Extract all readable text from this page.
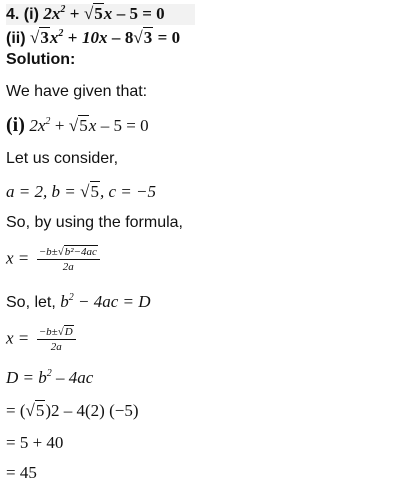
4. (i) $2x^2 + √5x - 5 = 0$
(ii) $√3x^2 + 10x - 8√3 = 0$
Solution:
We have given that:
(i) $2x^2 + √5x - 5 = 0$
Let us consider,
a = 2, b = √5, c = −5
So, by using the formula,
$x = \frac{\text{−b±√b²−4ac}}{2a}$
So, let, $b^2 - 4ac = D$
$x = \frac{-b\pm√D}{2a}$
$D = b^2 - 4ac$
= (√5)2 – 4(2) (−5)
= 5 + 40
= 45
